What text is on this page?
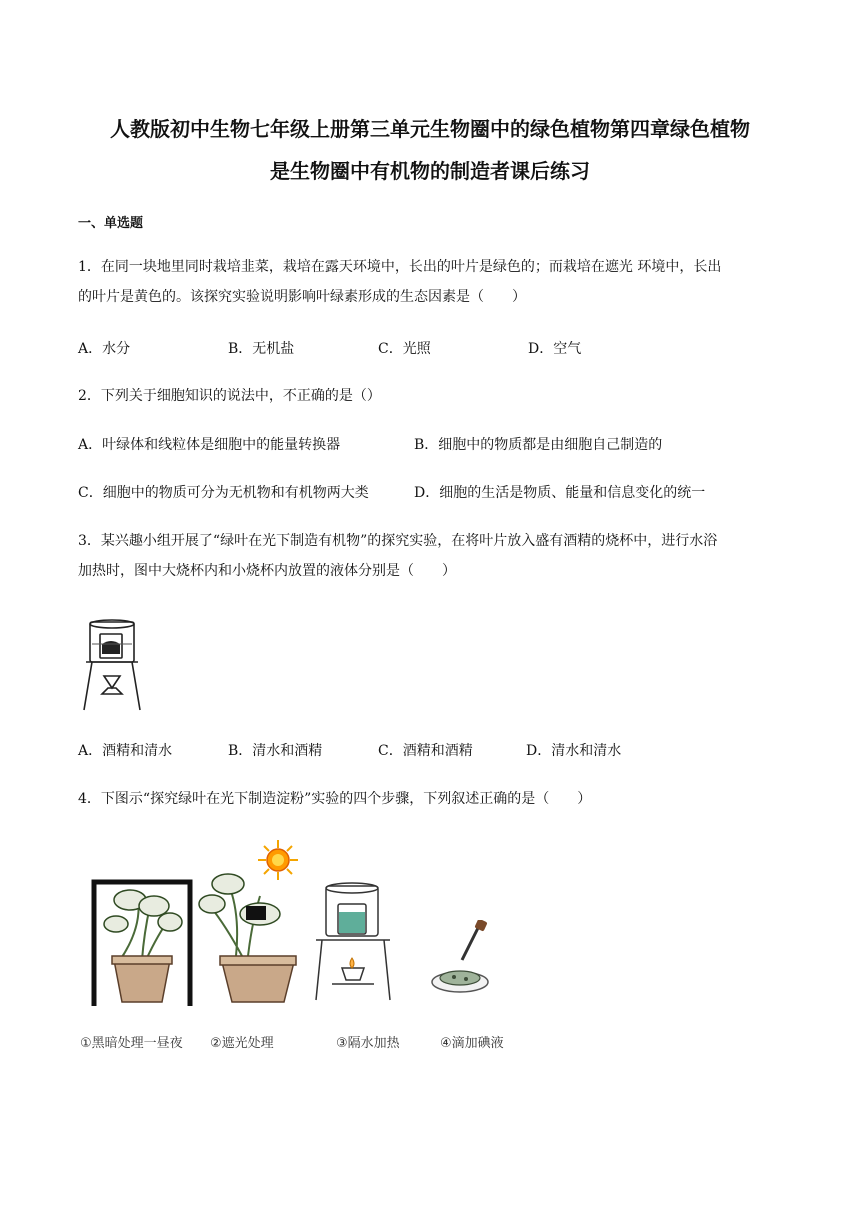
人教版初中生物七年级上册第三单元生物圈中的绿色植物第四章绿色植物
是生物圈中有机物的制造者课后练习
一、单选题
1．在同一块地里同时栽培韭菜，栽培在露天环境中，长出的叶片是绿色的；而栽培在遮光 环境中，长出
的叶片是黄色的。该探究实验说明影响叶绿素形成的生态因素是（　　）
A．水分	B．无机盐	C．光照	D．空气
2．下列关于细胞知识的说法中，不正确的是（）
A．叶绿体和线粒体是细胞中的能量转换器	B．细胞中的物质都是由细胞自己制造的
C．细胞中的物质可分为无机物和有机物两大类	D．细胞的生活是物质、能量和信息变化的统一
3．某兴趣小组开展了“绿叶在光下制造有机物”的探究实验，在将叶片放入盛有酒精的烧杯中，进行水浴
加热时，图中大烧杯内和小烧杯内放置的液体分别是（　　）
A．酒精和清水	B．清水和酒精	C．酒精和酒精	D．清水和清水
4．下图示“探究绿叶在光下制造淀粉”实验的四个步骤，下列叙述正确的是（　　）
①黑暗处理一昼夜 ②遮光处理	③隔水加热	④滴加碘液
